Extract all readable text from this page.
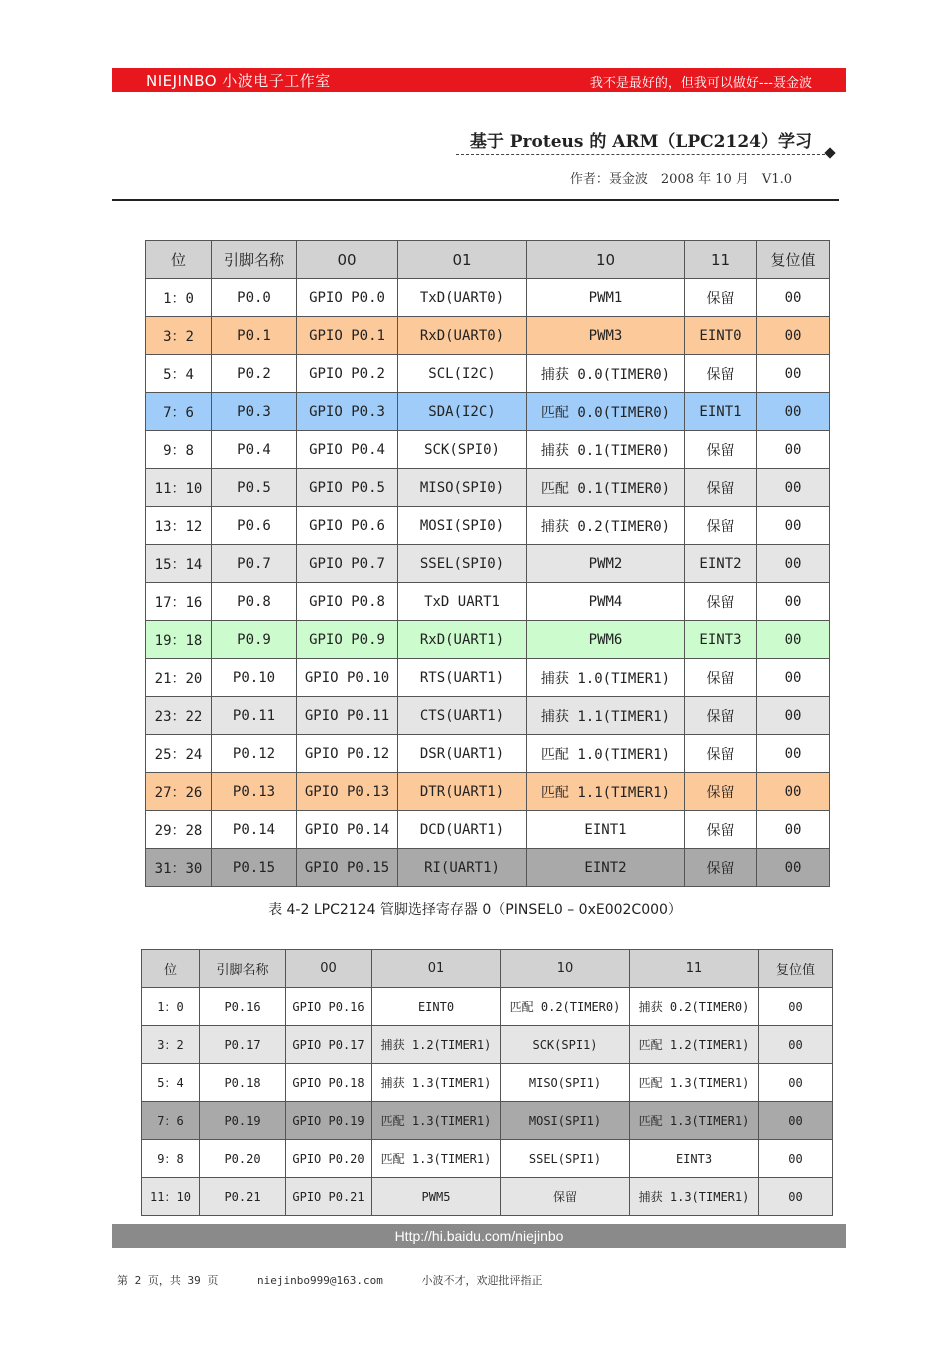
NIEJINBO 小波电子工作室	我不是最好的，但我可以做好---聂金波
基于 Proteus 的 ARM（LPC2124）学习
作者：聂金波　2008 年 10 月　V1.0
位	引脚名称	00	01	10	11	复位值
1：0	P0.0	GPIO P0.0	TxD(UART0)	PWM1	保留	00
3：2	P0.1	GPIO P0.1	RxD(UART0)	PWM3	EINT0	00
5：4	P0.2	GPIO P0.2	SCL(I2C)	捕获 0.0(TIMER0)	保留	00
7：6	P0.3	GPIO P0.3	SDA(I2C)	匹配 0.0(TIMER0)	EINT1	00
9：8	P0.4	GPIO P0.4	SCK(SPI0)	捕获 0.1(TIMER0)	保留	00
11：10	P0.5	GPIO P0.5	MISO(SPI0)	匹配 0.1(TIMER0)	保留	00
13：12	P0.6	GPIO P0.6	MOSI(SPI0)	捕获 0.2(TIMER0)	保留	00
15：14	P0.7	GPIO P0.7	SSEL(SPI0)	PWM2	EINT2	00
17：16	P0.8	GPIO P0.8	TxD UART1	PWM4	保留	00
19：18	P0.9	GPIO P0.9	RxD(UART1)	PWM6	EINT3	00
21：20	P0.10	GPIO P0.10	RTS(UART1)	捕获 1.0(TIMER1)	保留	00
23：22	P0.11	GPIO P0.11	CTS(UART1)	捕获 1.1(TIMER1)	保留	00
25：24	P0.12	GPIO P0.12	DSR(UART1)	匹配 1.0(TIMER1)	保留	00
27：26	P0.13	GPIO P0.13	DTR(UART1)	匹配 1.1(TIMER1)	保留	00
29：28	P0.14	GPIO P0.14	DCD(UART1)	EINT1	保留	00
31：30	P0.15	GPIO P0.15	RI(UART1)	EINT2	保留	00
表 4-2 LPC2124 管脚选择寄存器 0（PINSEL0 – 0xE002C000）
位	引脚名称	00	01	10	11	复位值
1：0	P0.16	GPIO P0.16	EINT0	匹配 0.2(TIMER0)	捕获 0.2(TIMER0)	00
3：2	P0.17	GPIO P0.17	捕获 1.2(TIMER1)	SCK(SPI1)	匹配 1.2(TIMER1)	00
5：4	P0.18	GPIO P0.18	捕获 1.3(TIMER1)	MISO(SPI1)	匹配 1.3(TIMER1)	00
7：6	P0.19	GPIO P0.19	匹配 1.3(TIMER1)	MOSI(SPI1)	匹配 1.3(TIMER1)	00
9：8	P0.20	GPIO P0.20	匹配 1.3(TIMER1)	SSEL(SPI1)	EINT3	00
11：10	P0.21	GPIO P0.21	PWM5	保留	捕获 1.3(TIMER1)	00
Http://hi.baidu.com/niejinbo
第 2 页，共 39 页	niejinbo999@163.com	小波不才，欢迎批评指正
